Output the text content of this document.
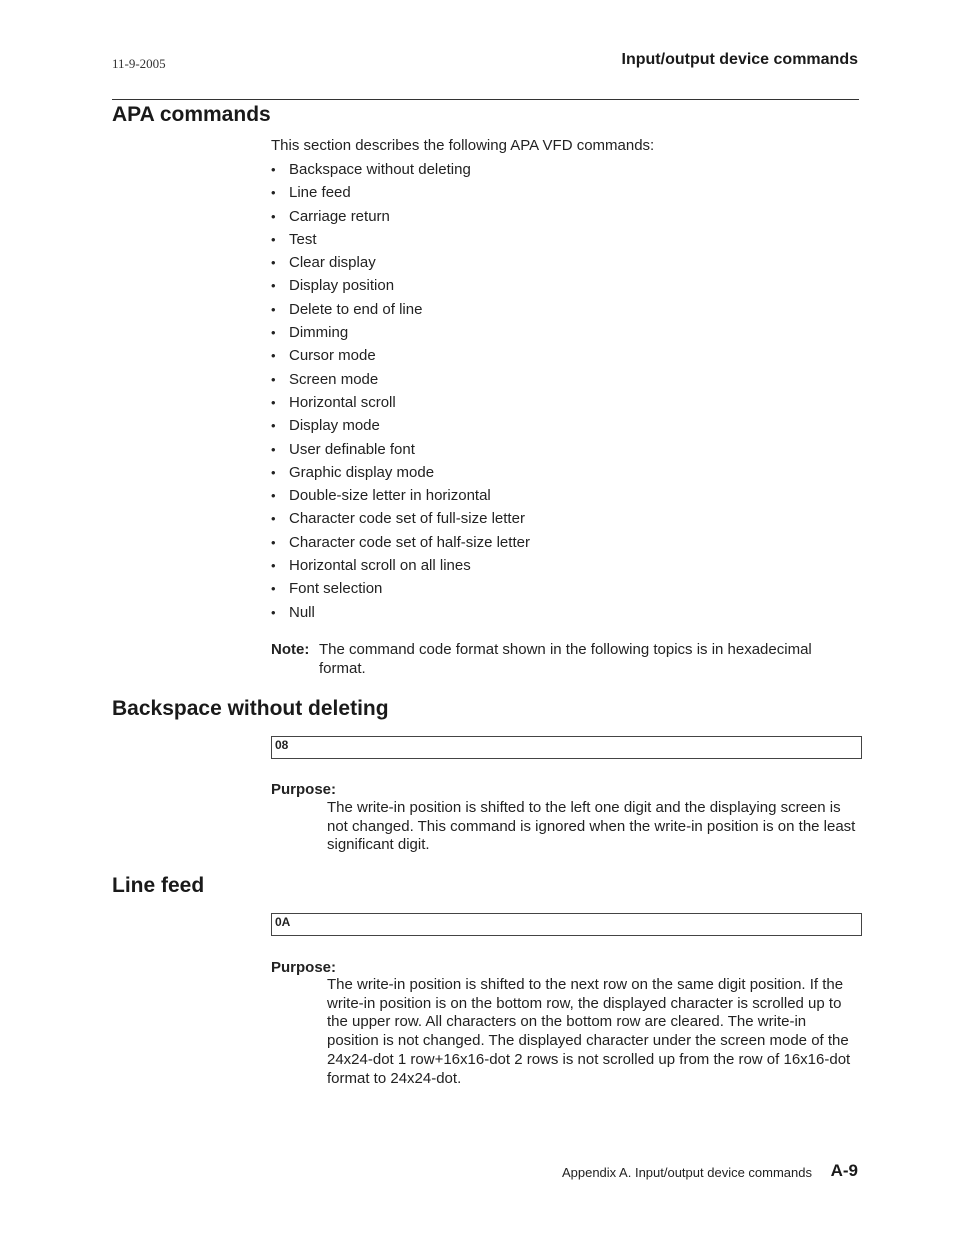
11-9-2005	Input/output device commands
APA commands
This section describes the following APA VFD commands:
• Backspace without deleting
• Line feed
• Carriage return
• Test
• Clear display
• Display position
• Delete to end of line
• Dimming
• Cursor mode
• Screen mode
• Horizontal scroll
• Display mode
• User definable font
• Graphic display mode
• Double-size letter in horizontal
• Character code set of full-size letter
• Character code set of half-size letter
• Horizontal scroll on all lines
• Font selection
• Null
Note: The command code format shown in the following topics is in hexadecimal format.
Backspace without deleting
08
Purpose:
The write-in position is shifted to the left one digit and the displaying screen is not changed. This command is ignored when the write-in position is on the least significant digit.
Line feed
0A
Purpose:
The write-in position is shifted to the next row on the same digit position. If the write-in position is on the bottom row, the displayed character is scrolled up to the upper row. All characters on the bottom row are cleared. The write-in position is not changed. The displayed character under the screen mode of the 24x24-dot 1 row+16x16-dot 2 rows is not scrolled up from the row of 16x16-dot format to 24x24-dot.
Appendix A. Input/output device commands A-9
